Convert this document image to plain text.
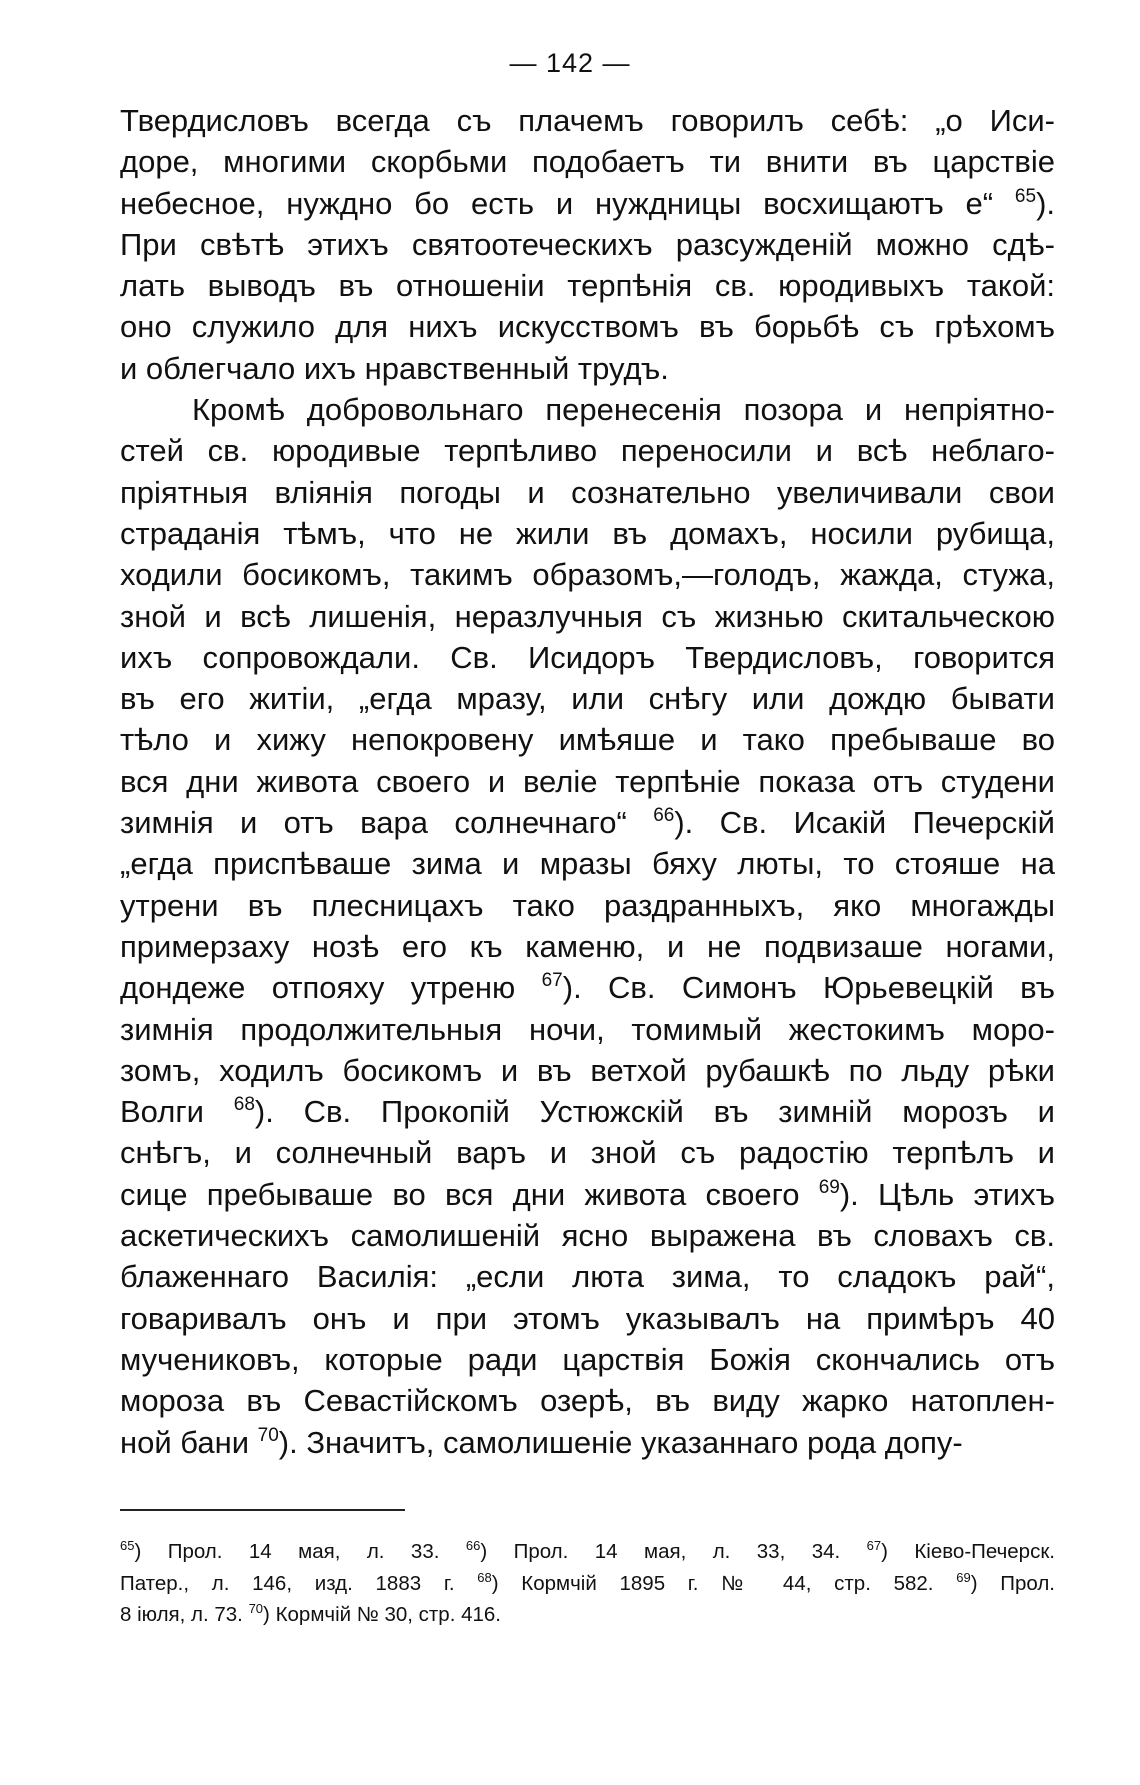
— 142 —
Твердисловъ всегда съ плачемъ говорилъ себѣ: „о Иси-
доре, многими скорбьми подобаетъ ти внити въ царствіе
небесное, нуждно бо есть и нуждницы восхищаютъ е“ $^{65}$).
При свѣтѣ этихъ святоотеческихъ разсужденій можно сдѣ-
лать выводъ въ отношеніи терпѣнія св. юродивыхъ такой:
оно служило для нихъ искусствомъ въ борьбѣ съ грѣхомъ
и облегчало ихъ нравственный трудъ.
Кромѣ добровольнаго перенесенія позора и непріятно-
стей св. юродивые терпѣливо переносили и всѣ неблаго-
пріятныя вліянія погоды и сознательно увеличивали свои
страданія тѣмъ, что не жили въ домахъ, носили рубища,
ходили босикомъ, такимъ образомъ,—голодъ, жажда, стужа,
зной и всѣ лишенія, неразлучныя съ жизнью скитальческою
ихъ сопровождали. Св. Исидоръ Твердисловъ, говорится
въ его житіи, „егда мразу, или снѣгу или дождю бывати
тѣло и хижу непокровену имѣяше и тако пребываше во
вся дни живота своего и веліе терпѣніе показа отъ студени
зимнія и отъ вара солнечнаго“ $^{66}$). Св. Исакій Печерскій
„егда приспѣваше зима и мразы бяху люты, то стояше на
утрени въ плесницахъ тако раздранныхъ, яко многажды
примерзаху нозѣ его къ каменю, и не подвизаше ногами,
дондеже отпояху утреню $^{67}$). Св. Симонъ Юрьевецкій въ
зимнія продолжительныя ночи, томимый жестокимъ моро-
зомъ, ходилъ босикомъ и въ ветхой рубашкѣ по льду рѣки
Волги $^{68}$). Св. Прокопій Устюжскій въ зимній морозъ и
снѣгъ, и солнечный варъ и зной съ радостію терпѣлъ и
сице пребываше во вся дни живота своего $^{69}$). Цѣль этихъ
аскетическихъ самолишеній ясно выражена въ словахъ св.
блаженнаго Василія: „если люта зима, то сладокъ рай“,
говаривалъ онъ и при этомъ указывалъ на примѣръ 40
мучениковъ, которые ради царствія Божія скончались отъ
мороза въ Севастійскомъ озерѣ, въ виду жарко натоплен-
ной бани $^{70}$). Значитъ, самолишеніе указаннаго рода допу-
$^{65}$) Прол. 14 мая, л. 33. $^{66}$) Прол. 14 мая, л. 33, 34. $^{67}$) Кіево-Печерск.
Патер., л. 146, изд. 1883 г. $^{68}$) Кормчій 1895 г. № 44, стр. 582. $^{69}$) Прол.
8 іюля, л. 73. $^{70}$) Кормчій № 30, стр. 416.
